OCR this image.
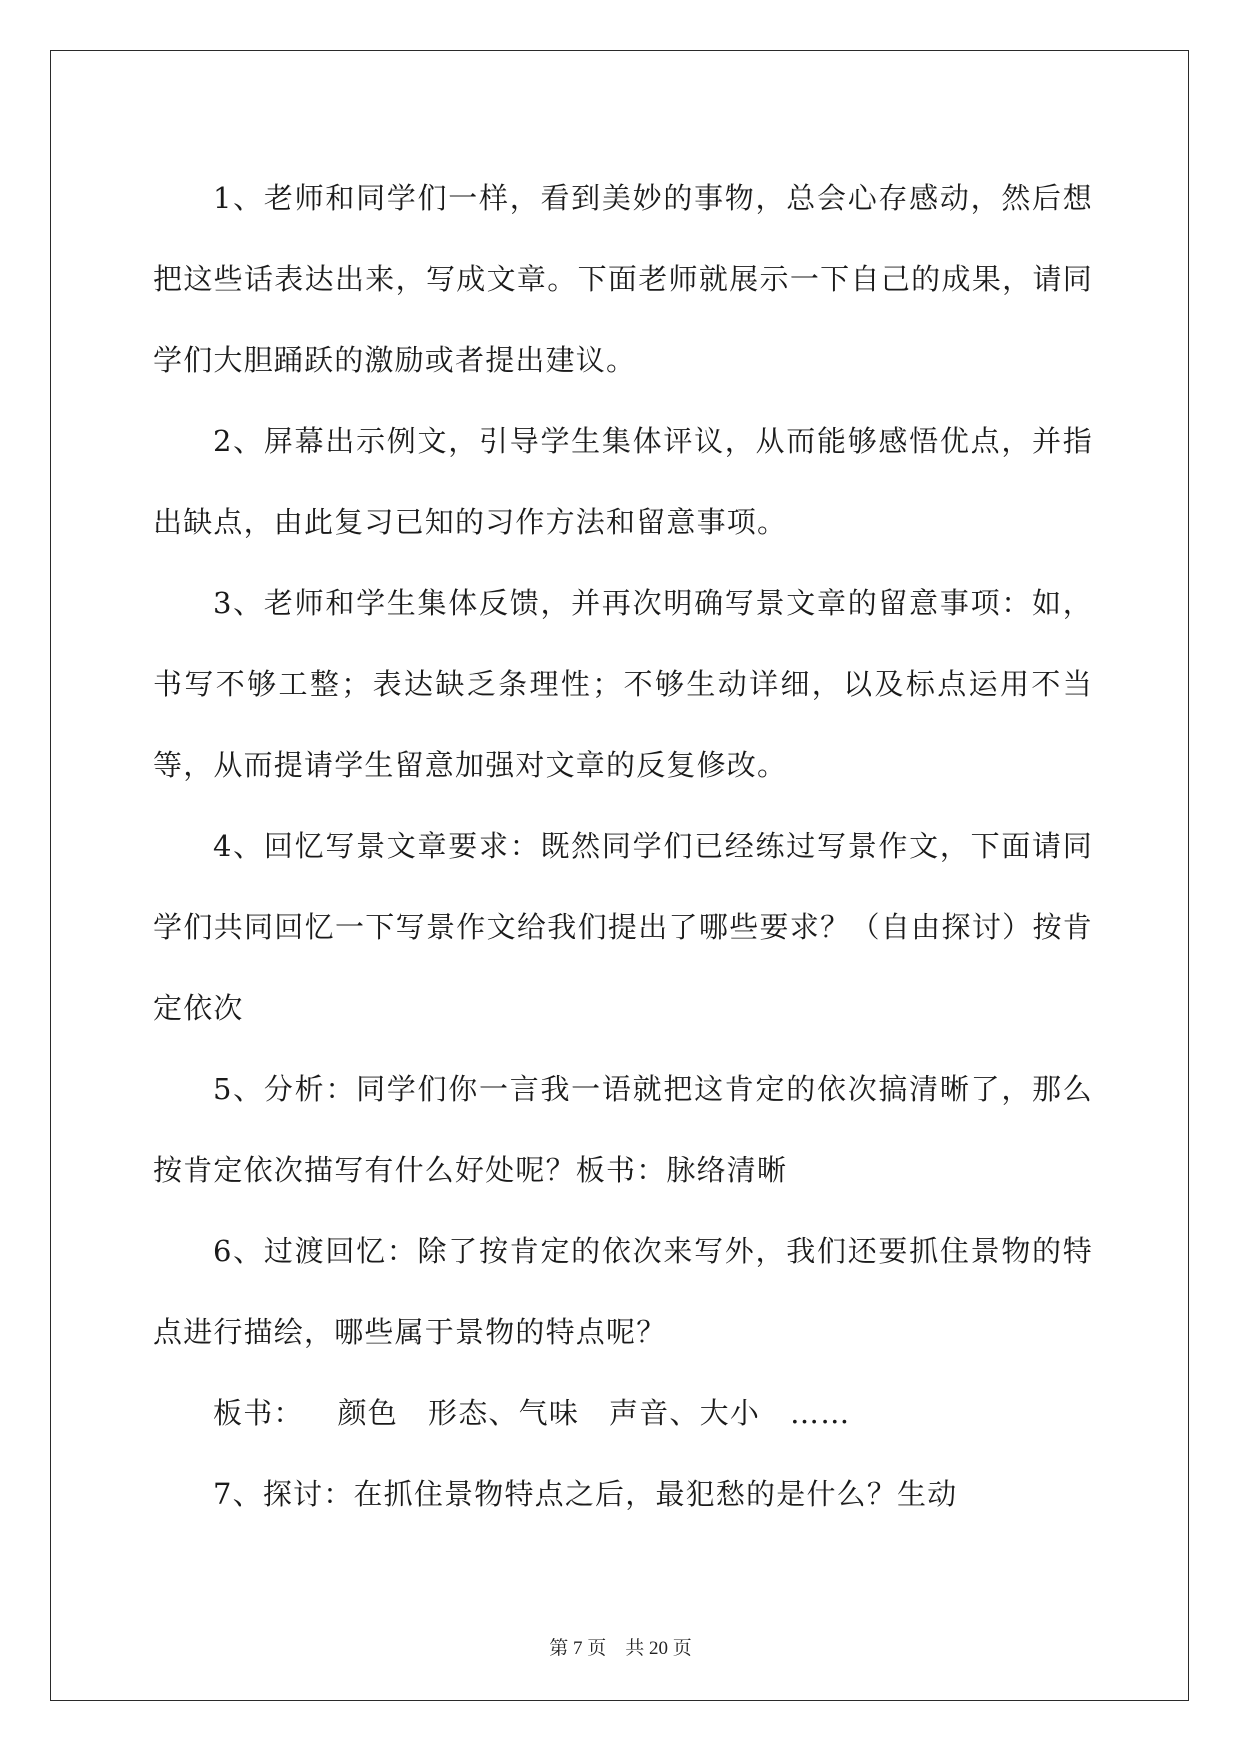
1、老师和同学们一样，看到美妙的事物，总会心存感动，然后想把这些话表达出来，写成文章。下面老师就展示一下自己的成果，请同学们大胆踊跃的激励或者提出建议。

2、屏幕出示例文，引导学生集体评议，从而能够感悟优点，并指出缺点，由此复习已知的习作方法和留意事项。

3、老师和学生集体反馈，并再次明确写景文章的留意事项：如，书写不够工整；表达缺乏条理性；不够生动详细，以及标点运用不当等，从而提请学生留意加强对文章的反复修改。

4、回忆写景文章要求：既然同学们已经练过写景作文，下面请同学们共同回忆一下写景作文给我们提出了哪些要求？（自由探讨）按肯定依次

5、分析：同学们你一言我一语就把这肯定的依次搞清晰了，那么按肯定依次描写有什么好处呢？板书：脉络清晰

6、过渡回忆：除了按肯定的依次来写外，我们还要抓住景物的特点进行描绘，哪些属于景物的特点呢？

板书： 颜色 形态、气味 声音、大小 ……

7、探讨：在抓住景物特点之后，最犯愁的是什么？生动

第 7 页 共 20 页
